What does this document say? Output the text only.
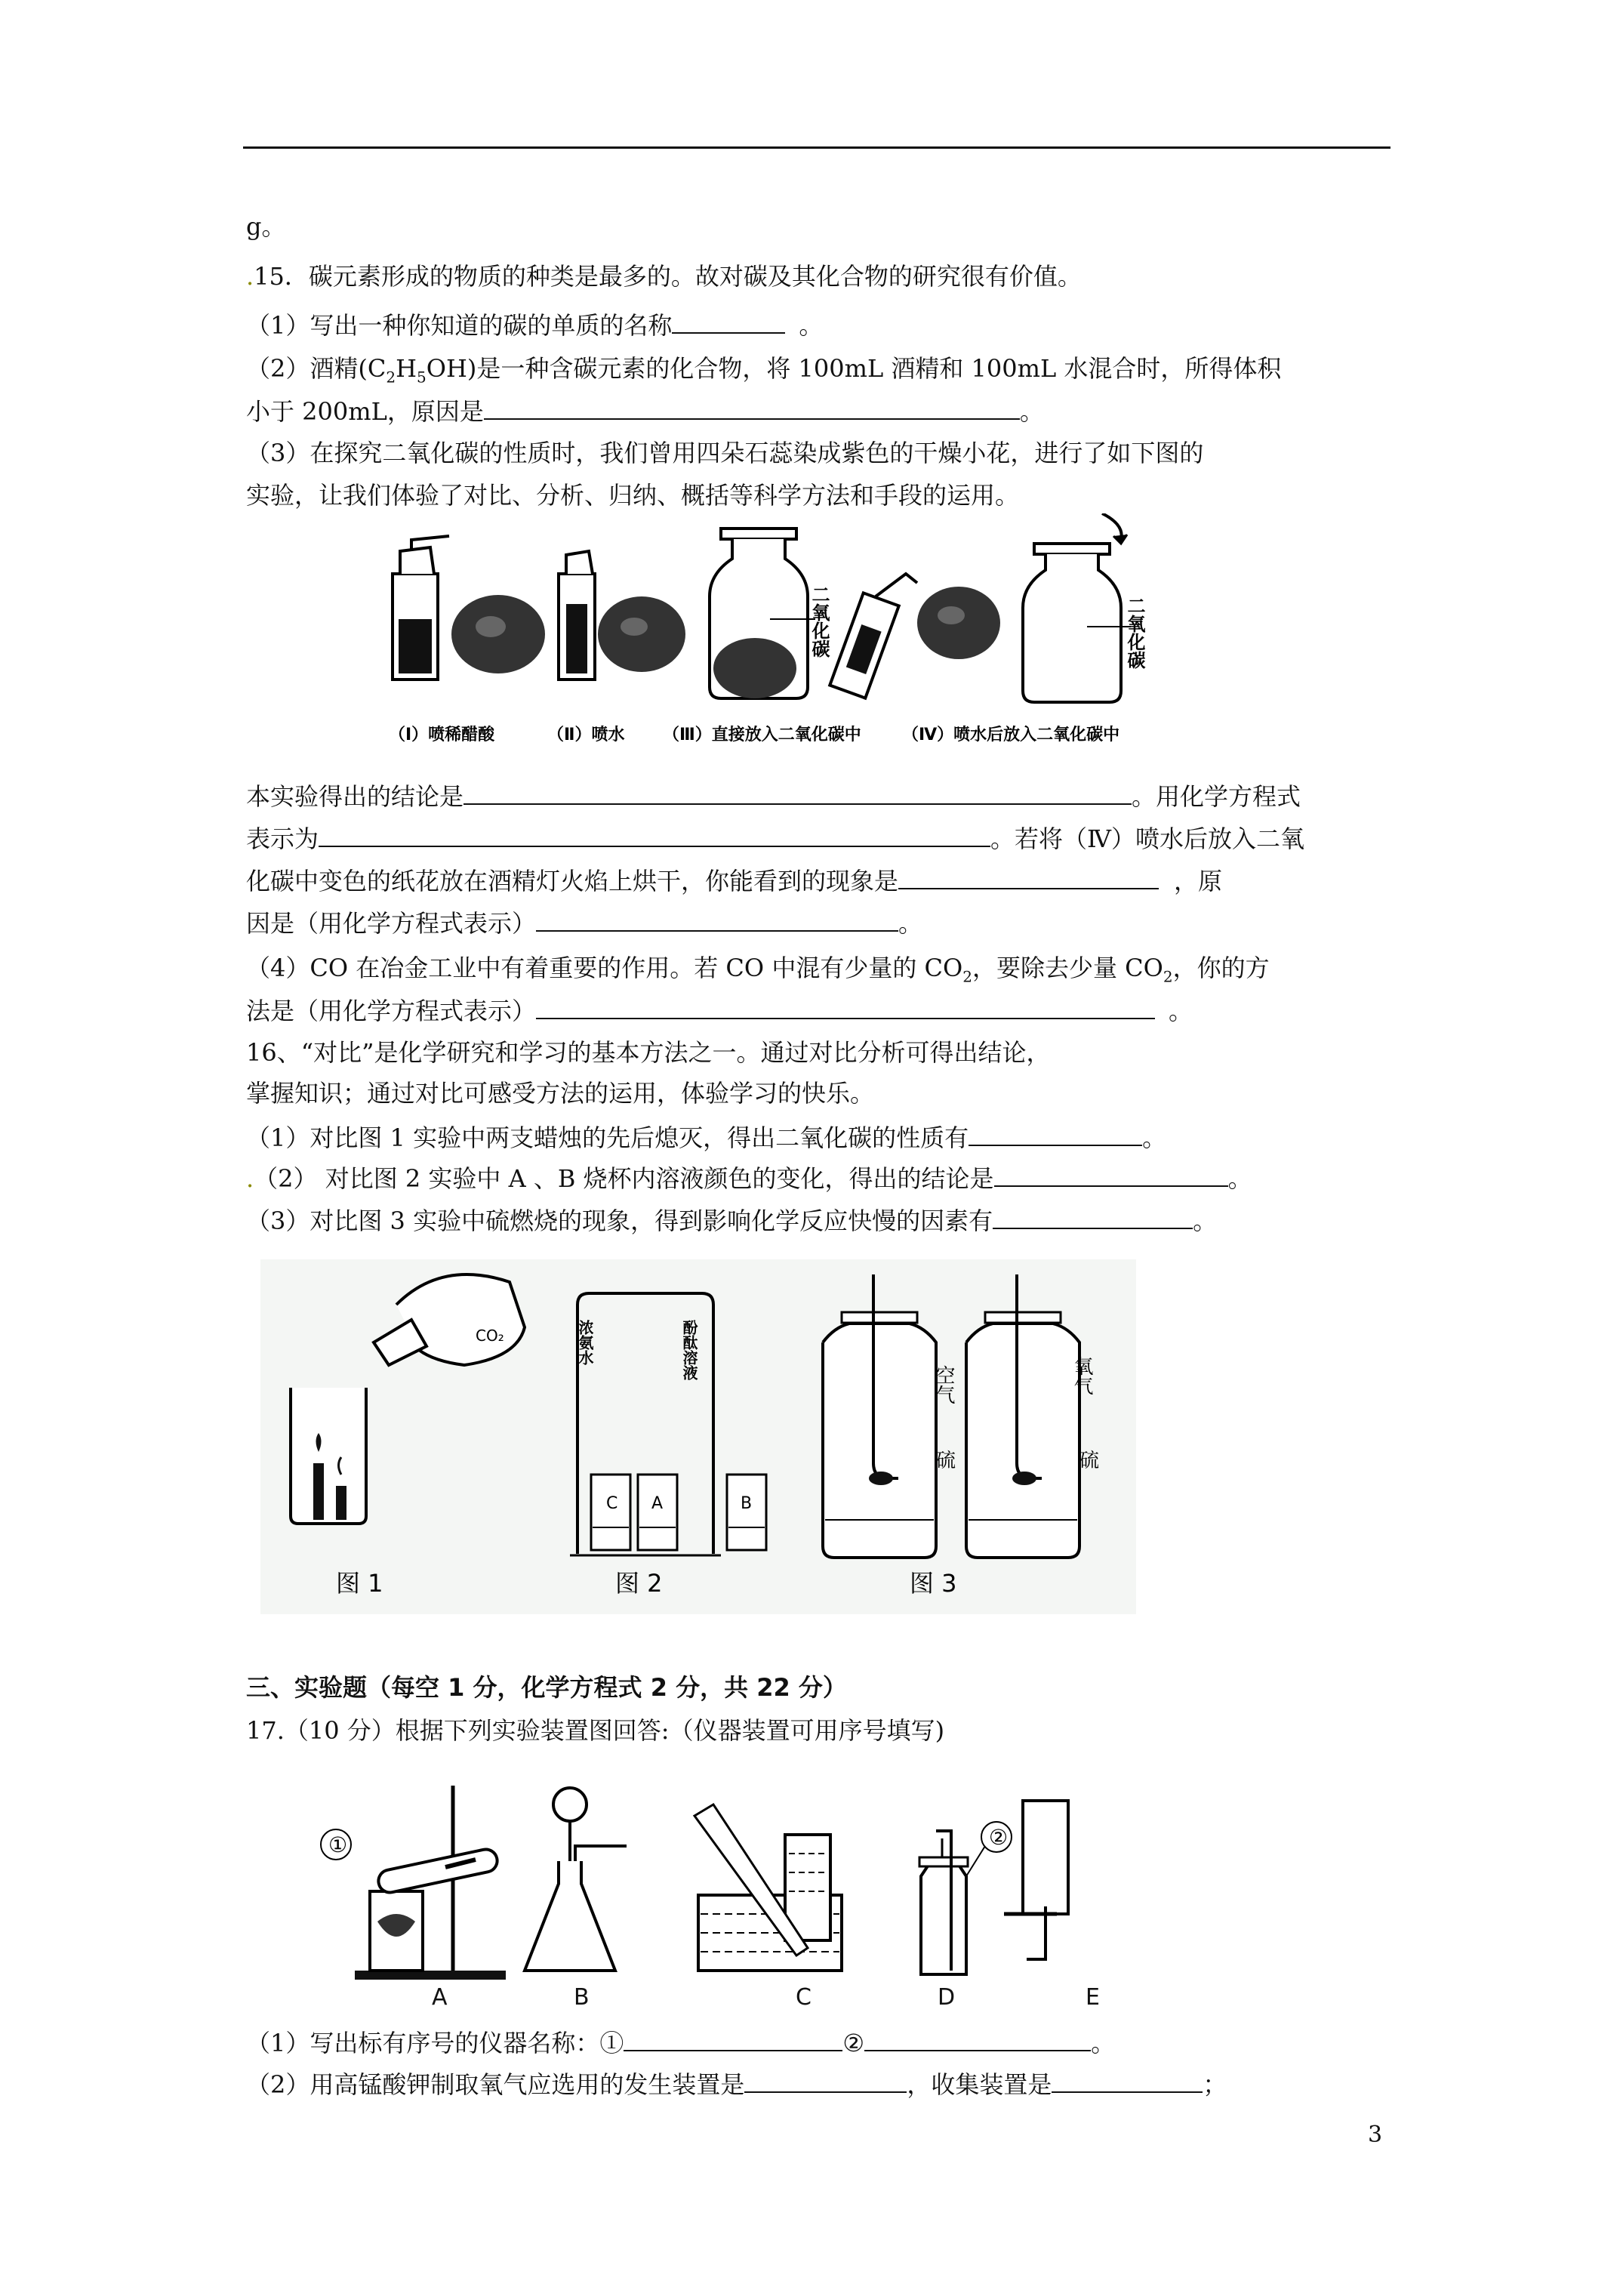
g。
.15．碳元素形成的物质的种类是最多的。故对碳及其化合物的研究很有价值。
（1）写出一种你知道的碳的单质的名称	。
（2）酒精$(C_2H_5OH)$是一种含碳元素的化合物，将 100mL 酒精和 100mL 水混合时，所得体积
小于 200mL，原因是	。
（3）在探究二氧化碳的性质时，我们曾用四朵石蕊染成紫色的干燥小花，进行了如下图的
实验，让我们体验了对比、分析、归纳、概括等科学方法和手段的运用。
二氧化碳	二氧化碳
（Ⅰ）喷稀醋酸	（Ⅱ）喷水 （Ⅲ）直接放入二氧化碳中 （Ⅳ）喷水后放入二氧化碳中
本实验得出的结论是	。用化学方程式
表示为	。若将（Ⅳ）喷水后放入二氧
化碳中变色的纸花放在酒精灯火焰上烘干，你能看到的现象是	，原
因是（用化学方程式表示）	。
（4）CO 在冶金工业中有着重要的作用。若 CO 中混有少量的 $CO_2$，要除去少量 $CO_2$，你的方
法是（用化学方程式表示）	。
16、“对比”是化学研究和学习的基本方法之一。通过对比分析可得出结论，
掌握知识；通过对比可感受方法的运用，体验学习的快乐。
（1）对比图 1 实验中两支蜡烛的先后熄灭，得出二氧化碳的性质有	。
.（2） 对比图 2 实验中 A 、B 烧杯内溶液颜色的变化，得出的结论是	。
（3）对比图 3 实验中硫燃烧的现象，得到影响化学反应快慢的因素有	。
CO₂	浓氨水	酚酞溶液
C A	B
空气
硫
氧气
硫
图 1	图 2	图 3
三、实验题（每空 1 分，化学方程式 2 分，共 22 分）
17.（10 分）根据下列实验装置图回答:（仪器装置可用序号填写)
①	②
A	B	C	D	E
（1）写出标有序号的仪器名称：①	②	。
（2）用高锰酸钾制取氧气应选用的发生装置是	，收集装置是	；
3
